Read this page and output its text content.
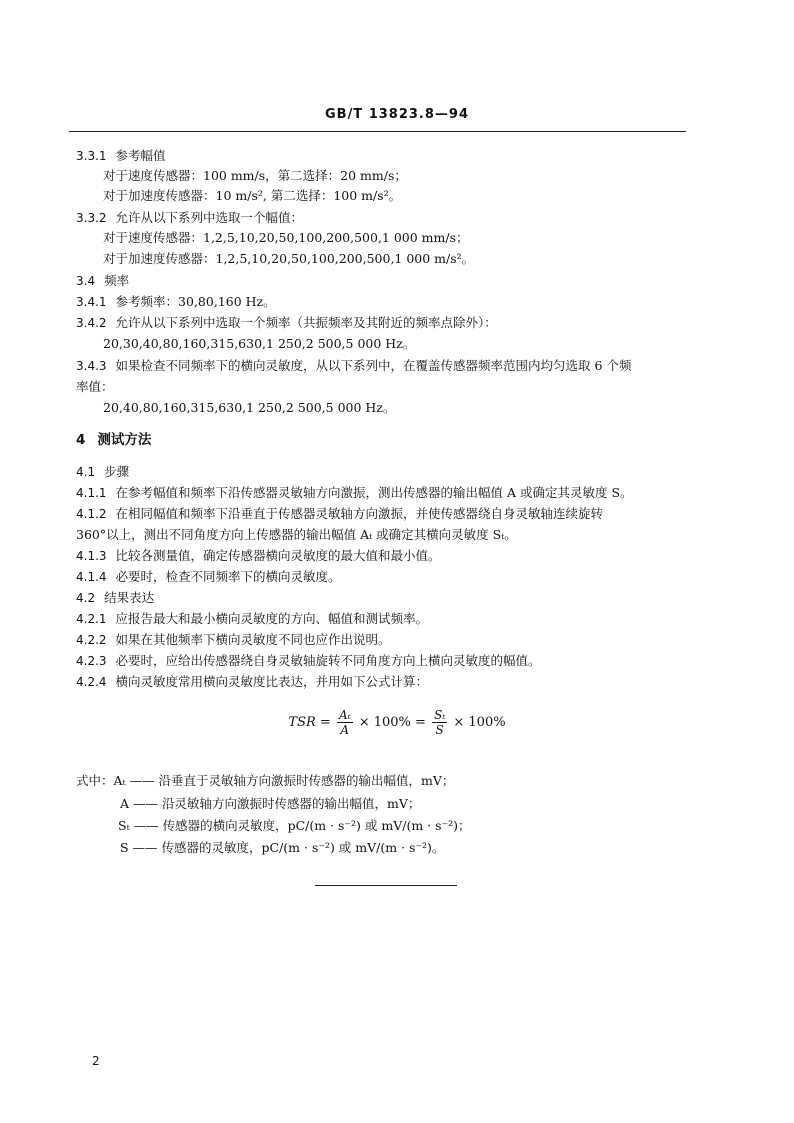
GB/T 13823.8—94
3.3.1 参考幅值
对于速度传感器：100 mm/s，第二选择：20 mm/s；
对于加速度传感器：10 m/s², 第二选择：100 m/s²。
3.3.2 允许从以下系列中选取一个幅值：
对于速度传感器：1,2,5,10,20,50,100,200,500,1 000 mm/s；
对于加速度传感器：1,2,5,10,20,50,100,200,500,1 000 m/s²。
3.4 频率
3.4.1 参考频率：30,80,160 Hz。
3.4.2 允许从以下系列中选取一个频率（共振频率及其附近的频率点除外）：
20,30,40,80,160,315,630,1 250,2 500,5 000 Hz。
3.4.3 如果检查不同频率下的横向灵敏度，从以下系列中，在覆盖传感器频率范围内均匀选取 6 个频
率值：
20,40,80,160,315,630,1 250,2 500,5 000 Hz。
4 测试方法
4.1 步骤
4.1.1 在参考幅值和频率下沿传感器灵敏轴方向激振，测出传感器的输出幅值 A 或确定其灵敏度 S。
4.1.2 在相同幅值和频率下沿垂直于传感器灵敏轴方向激振，并使传感器绕自身灵敏轴连续旋转
360°以上，测出不同角度方向上传感器的输出幅值 Aₜ 或确定其横向灵敏度 Sₜ。
4.1.3 比较各测量值，确定传感器横向灵敏度的最大值和最小值。
4.1.4 必要时，检查不同频率下的横向灵敏度。
4.2 结果表达
4.2.1 应报告最大和最小横向灵敏度的方向、幅值和测试频率。
4.2.2 如果在其他频率下横向灵敏度不同也应作出说明。
4.2.3 必要时，应给出传感器绕自身灵敏轴旋转不同角度方向上横向灵敏度的幅值。
4.2.4 横向灵敏度常用横向灵敏度比表达，并用如下公式计算：
TSR = $\frac{\text{Aₜ}}{A} \times 100\% = \frac{\text{Sₜ}}{S} \times 100\%$
式中：Aₜ —— 沿垂直于灵敏轴方向激振时传感器的输出幅值，mV；
A —— 沿灵敏轴方向激振时传感器的输出幅值，mV；
Sₜ —— 传感器的横向灵敏度，pC/(m · s⁻²) 或 mV/(m · s⁻²)；
S —— 传感器的灵敏度，pC/(m · s⁻²) 或 mV/(m · s⁻²)。
2
